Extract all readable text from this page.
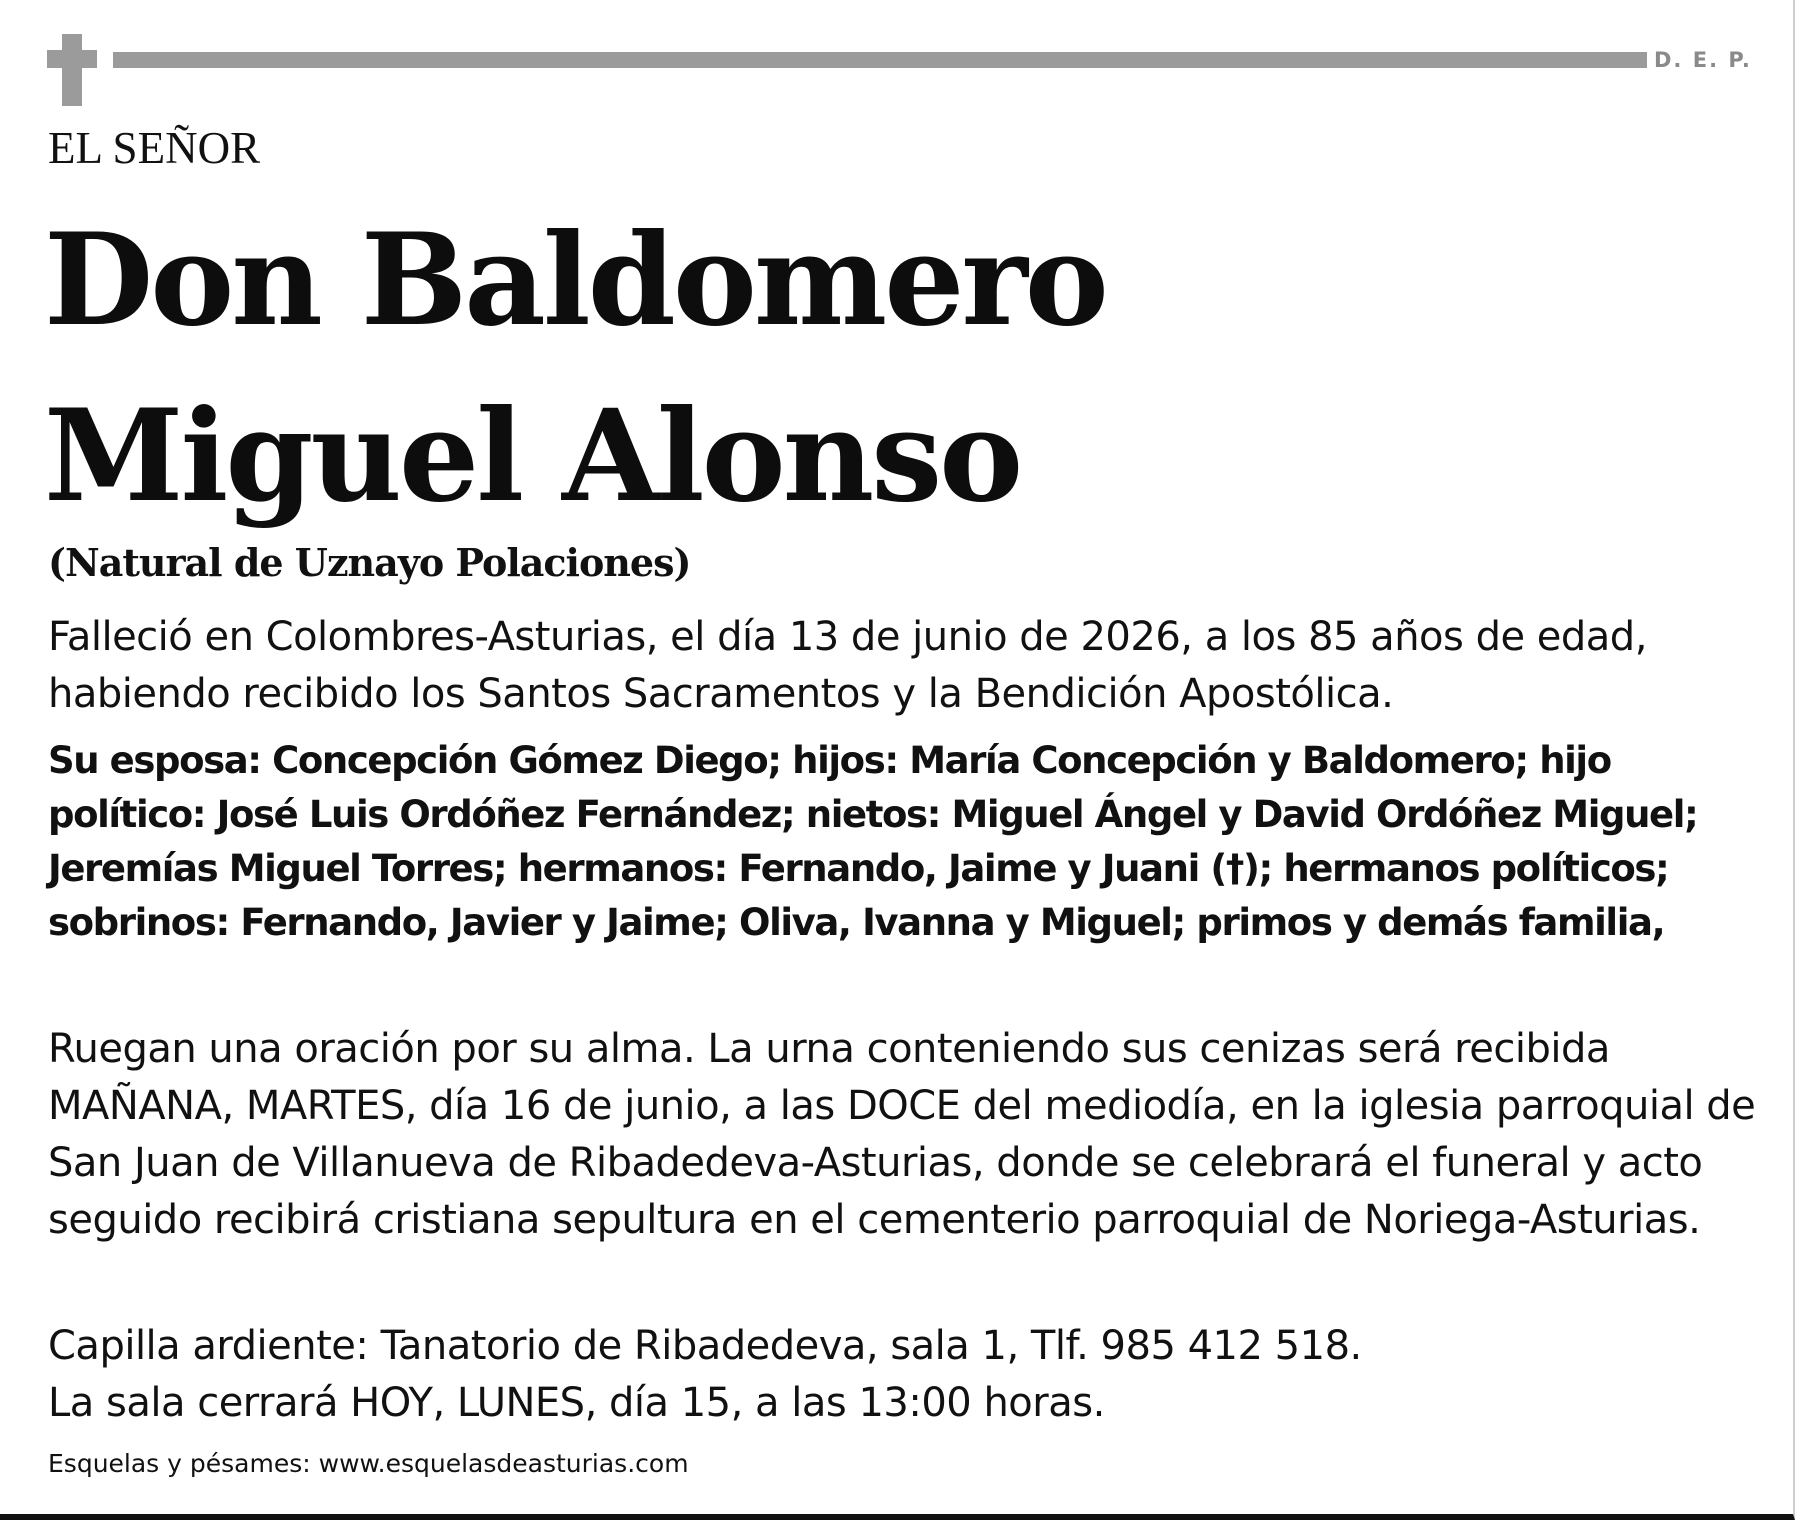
D. E. P.
EL SEÑOR
Don Baldomero
Miguel Alonso
(Natural de Uznayo Polaciones)

Falleció en Colombres-Asturias, el día 13 de junio de 2026, a los 85 años de edad, habiendo recibido los Santos Sacramentos y la Bendición Apostólica.

Su esposa: Concepción Gómez Diego; hijos: María Concepción y Baldomero; hijo político: José Luis Ordóñez Fernández; nietos: Miguel Ángel y David Ordóñez Miguel; Jeremías Miguel Torres; hermanos: Fernando, Jaime y Juani (†); hermanos políticos; sobrinos: Fernando, Javier y Jaime; Oliva, Ivanna y Miguel; primos y demás familia,

Ruegan una oración por su alma. La urna conteniendo sus cenizas será recibida MAÑANA, MARTES, día 16 de junio, a las DOCE del mediodía, en la iglesia parroquial de San Juan de Villanueva de Ribadedeva-Asturias, donde se celebrará el funeral y acto seguido recibirá cristiana sepultura en el cementerio parroquial de Noriega-Asturias.

Capilla ardiente: Tanatorio de Ribadedeva, sala 1, Tlf. 985 412 518.
La sala cerrará HOY, LUNES, día 15, a las 13:00 horas.
Esquelas y pésames: www.esquelasdeasturias.com
